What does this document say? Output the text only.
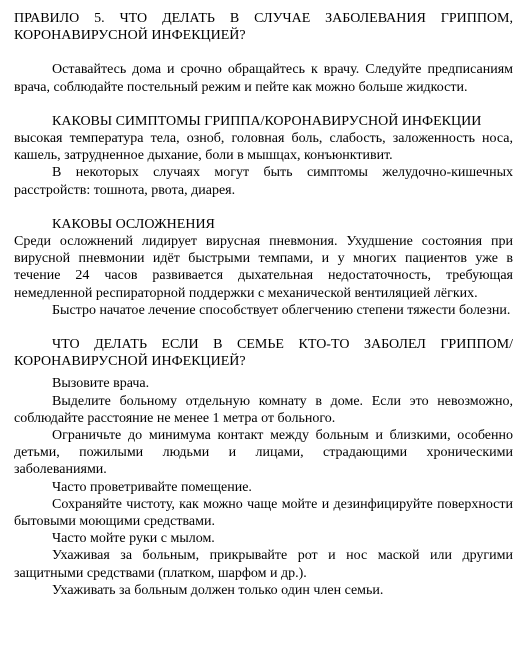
ПРАВИЛО 5. ЧТО ДЕЛАТЬ В СЛУЧАЕ ЗАБОЛЕВАНИЯ ГРИППОМ, КОРОНАВИРУСНОЙ ИНФЕКЦИЕЙ?

Оставайтесь дома и срочно обращайтесь к врачу. Следуйте предписаниям врача, соблюдайте постельный режим и пейте как можно больше жидкости.

КАКОВЫ СИМПТОМЫ ГРИППА/КОРОНАВИРУСНОЙ ИНФЕКЦИИ

высокая температура тела, озноб, головная боль, слабость, заложенность носа, кашель, затрудненное дыхание, боли в мышцах, конъюнктивит.

В некоторых случаях могут быть симптомы желудочно-кишечных расстройств: тошнота, рвота, диарея.

КАКОВЫ ОСЛОЖНЕНИЯ

Среди осложнений лидирует вирусная пневмония. Ухудшение состояния при вирусной пневмонии идёт быстрыми темпами, и у многих пациентов уже в течение 24 часов развивается дыхательная недостаточность, требующая немедленной респираторной поддержки с механической вентиляцией лёгких.

Быстро начатое лечение способствует облегчению степени тяжести болезни.

ЧТО ДЕЛАТЬ ЕСЛИ В СЕМЬЕ КТО-ТО ЗАБОЛЕЛ ГРИППОМ/ КОРОНАВИРУСНОЙ ИНФЕКЦИЕЙ?

Вызовите врача.

Выделите больному отдельную комнату в доме. Если это невозможно, соблюдайте расстояние не менее 1 метра от больного.

Ограничьте до минимума контакт между больным и близкими, особенно детьми, пожилыми людьми и лицами, страдающими хроническими заболеваниями.

Часто проветривайте помещение.

Сохраняйте чистоту, как можно чаще мойте и дезинфицируйте поверхности бытовыми моющими средствами.

Часто мойте руки с мылом.

Ухаживая за больным, прикрывайте рот и нос маской или другими защитными средствами (платком, шарфом и др.).

Ухаживать за больным должен только один член семьи.
